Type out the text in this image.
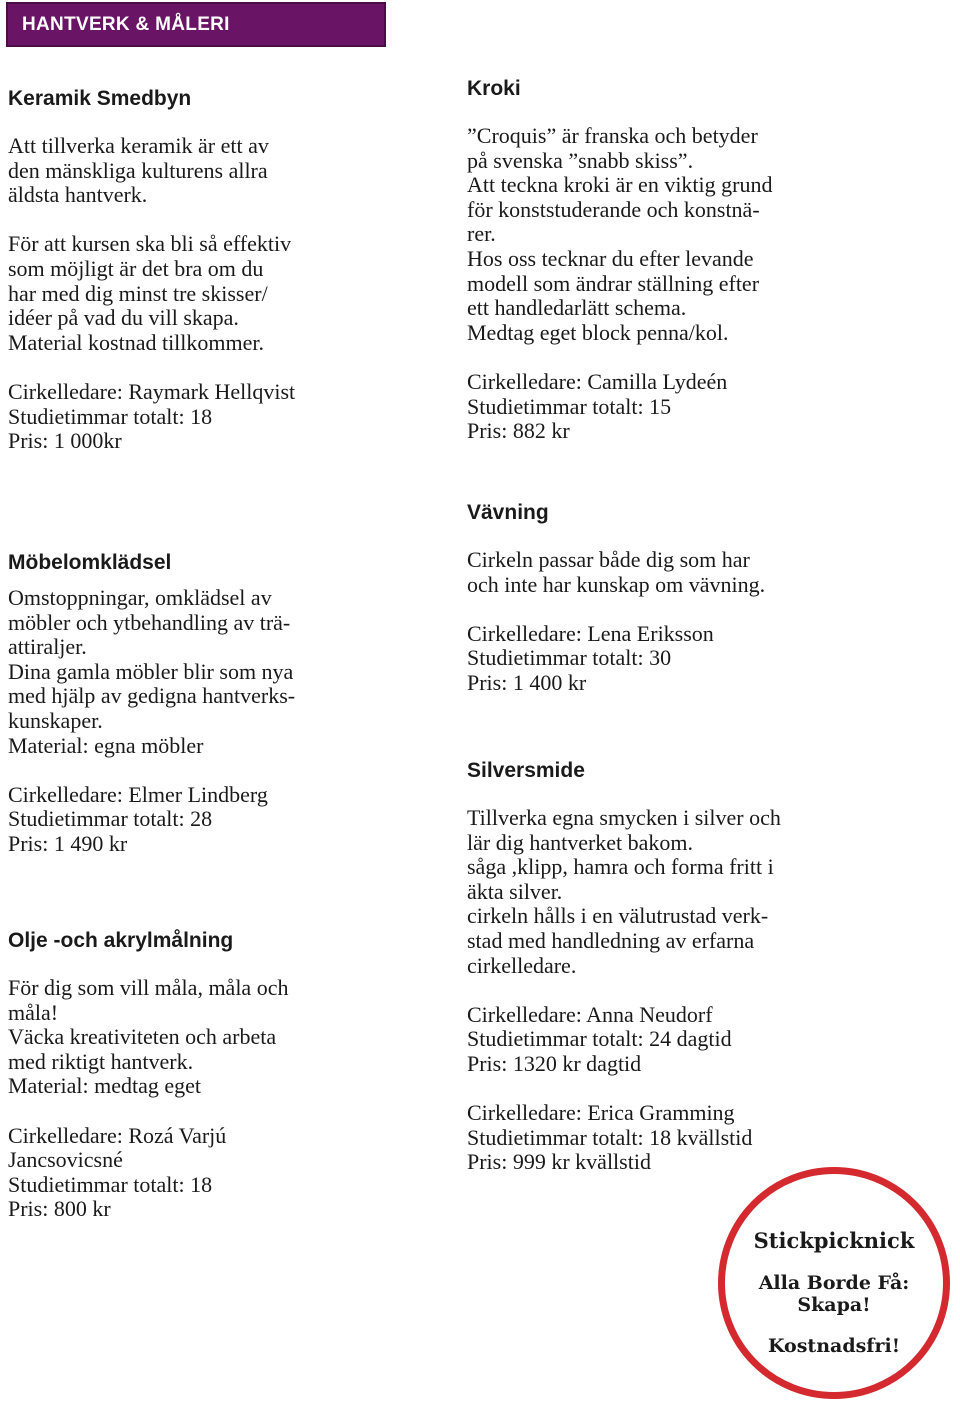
HANTVERK & MÅLERI
Keramik Smedbyn
Att tillverka keramik är ett av
den mänskliga kulturens allra
äldsta hantverk.
För att kursen ska bli så effektiv
som möjligt är det bra om du
har med dig minst tre skisser/
idéer på vad du vill skapa.
Material kostnad tillkommer.
Cirkelledare: Raymark Hellqvist
Studietimmar totalt: 18
Pris: 1 000kr
Möbelomklädsel
Omstoppningar, omklädsel av
möbler och ytbehandling av trä-
attiraljer.
Dina gamla möbler blir som nya
med hjälp av gedigna hantverks-
kunskaper.
Material: egna möbler
Cirkelledare: Elmer Lindberg
Studietimmar totalt: 28
Pris: 1 490 kr
Olje -och akrylmålning
För dig som vill måla, måla och
måla!
Väcka kreativiteten och arbeta
med riktigt hantverk.
Material: medtag eget
Cirkelledare: Rozá Varjú
Jancsovicsné
Studietimmar totalt: 18
Pris: 800 kr
Kroki
”Croquis” är franska och betyder
på svenska ”snabb skiss”.
Att teckna kroki är en viktig grund
för konststuderande och konstnä-
rer.
Hos oss tecknar du efter levande
modell som ändrar ställning efter
ett handledarlätt schema.
Medtag eget block penna/kol.
Cirkelledare: Camilla Lydeén
Studietimmar totalt: 15
Pris: 882 kr
Vävning
Cirkeln passar både dig som har
och inte har kunskap om vävning.
Cirkelledare: Lena Eriksson
Studietimmar totalt: 30
Pris: 1 400 kr
Silversmide
Tillverka egna smycken i silver och
lär dig hantverket bakom.
såga ,klipp, hamra och forma fritt i
äkta silver.
cirkeln hålls i en välutrustad verk-
stad med handledning av erfarna
cirkelledare.
Cirkelledare: Anna Neudorf
Studietimmar totalt: 24 dagtid
Pris: 1320 kr dagtid
Cirkelledare: Erica Gramming
Studietimmar totalt: 18 kvällstid
Pris: 999 kr kvällstid
Stickpicknick
Alla Borde Få:
Skapa!
Kostnadsfri!
